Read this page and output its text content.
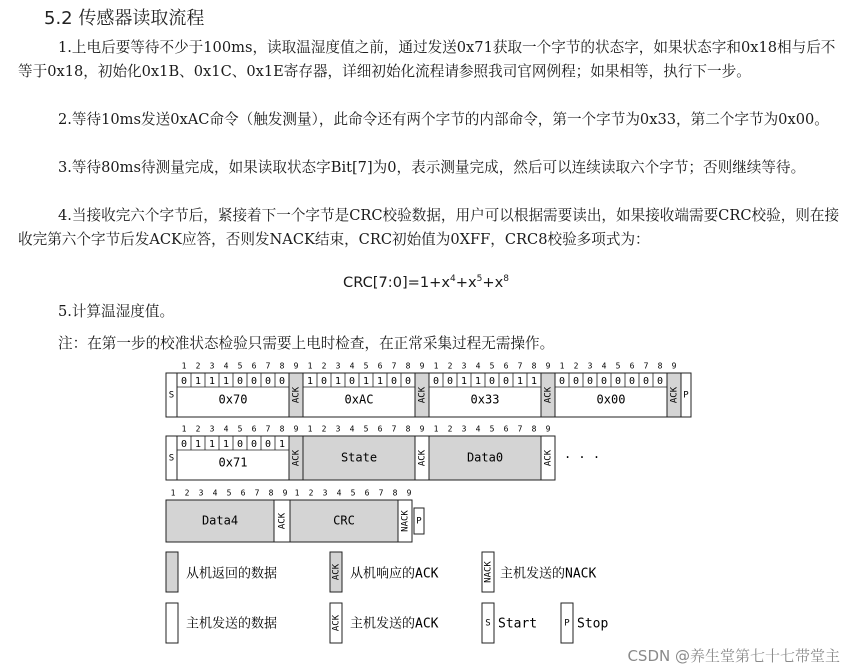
5.2 传感器读取流程

1.上电后要等待不少于100ms，读取温湿度值之前，通过发送0x71获取一个字节的状态字，如果状态字和0x18相与后不等于0x18，初始化0x1B、0x1C、0x1E寄存器，详细初始化流程请参照我司官网例程；如果相等，执行下一步。

2.等待10ms发送0xAC命令（触发测量），此命令还有两个字节的内部命令，第一个字节为0x33，第二个字节为0x00。

3.等待80ms待测量完成，如果读取状态字Bit[7]为0，表示测量完成，然后可以连续读取六个字节；否则继续等待。

4.当接收完六个字节后，紧接着下一个字节是CRC校验数据，用户可以根据需要读出，如果接收端需要CRC校验，则在接收完第六个字节后发ACK应答，否则发NACK结束，CRC初始值为0XFF，CRC8校验多项式为：

$CRC[7:0]=1+x^4+x^5+x^8$
5.计算温湿度值。
注：在第一步的校准状态检验只需要上电时检查，在正常采集过程无需操作。
S
1 2 3 4 5 6 7 8 9
0 1 1 1 0 0 0 0
0x70	ACK
1 2 3 4 5 6 7 8 9
1 0 1 0 1 1 0 0
0xAC	ACK
1 2 3 4 5 6 7 8 9
0 0 1 1 0 0 1 1
0x33	ACK
1 2 3 4 5 6 7 8 9
0 0 0 0 0 0 0 0
0x00	ACK P
S
1 2 3 4 5 6 7 8 9
0 1 1 1 0 0 0 1
0x71	ACK
1 2 3 4 5 6 7 8 9
State	ACK
1 2 3 4 5 6 7 8 9
Data0	ACK · · ·
1 2 3 4 5 6 7 8 9
Data4	ACK
1 2 3 4 5 6 7 8 9
CRC	NACK P
从机返回的数据	ACK 从机响应的ACK	NACK 主机发送的NACK
主机发送的数据	ACK 主机发送的ACK	S Start	P Stop
CSDN @养生堂第七十七带堂主
